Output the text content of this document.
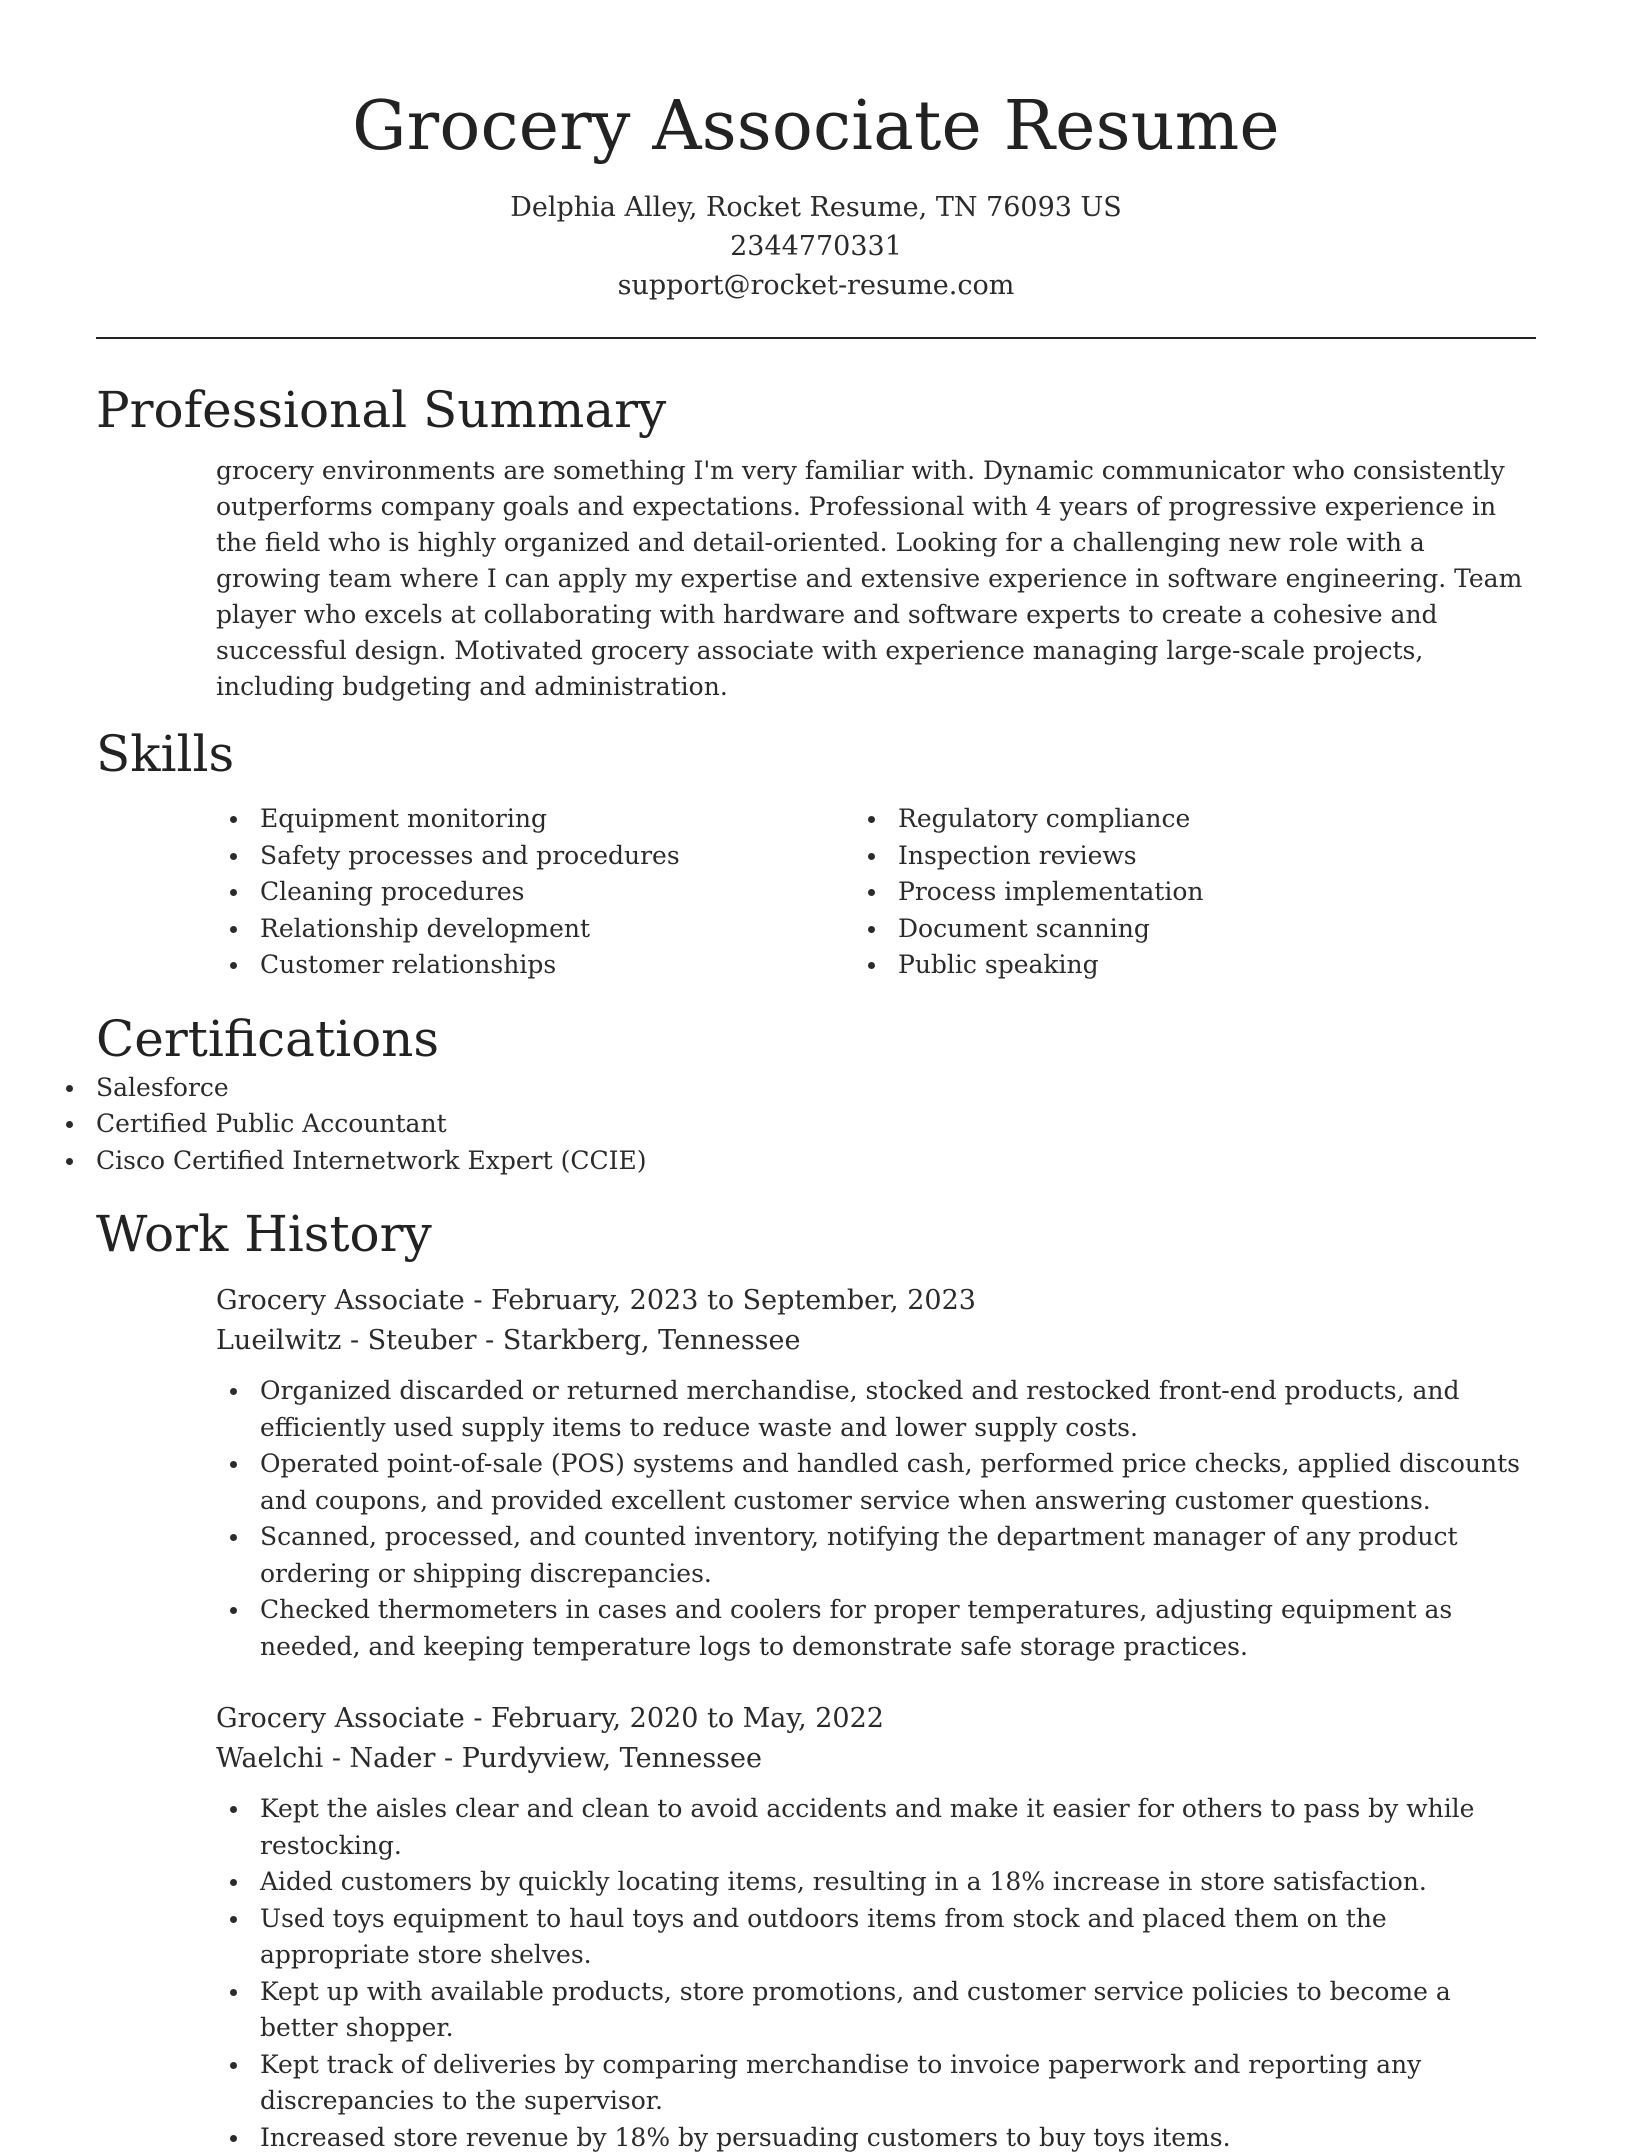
Grocery Associate Resume
Delphia Alley, Rocket Resume, TN 76093 US
2344770331
support@rocket-resume.com
Professional Summary

grocery environments are something I'm very familiar with. Dynamic communicator who consistently outperforms company goals and expectations. Professional with 4 years of progressive experience in the field who is highly organized and detail-oriented. Looking for a challenging new role with a growing team where I can apply my expertise and extensive experience in software engineering. Team player who excels at collaborating with hardware and software experts to create a cohesive and successful design. Motivated grocery associate with experience managing large-scale projects, including budgeting and administration.

Skills
Equipment monitoring
Safety processes and procedures
Cleaning procedures
Relationship development
Customer relationships
Regulatory compliance
Inspection reviews
Process implementation
Document scanning
Public speaking
Certifications
Salesforce
Certified Public Accountant
Cisco Certified Internetwork Expert (CCIE)
Work History
Grocery Associate - February, 2023 to September, 2023
Lueilwitz - Steuber - Starkberg, Tennessee
Organized discarded or returned merchandise, stocked and restocked front-end products, and efficiently used supply items to reduce waste and lower supply costs.
Operated point-of-sale (POS) systems and handled cash, performed price checks, applied discounts and coupons, and provided excellent customer service when answering customer questions.
Scanned, processed, and counted inventory, notifying the department manager of any product ordering or shipping discrepancies.
Checked thermometers in cases and coolers for proper temperatures, adjusting equipment as needed, and keeping temperature logs to demonstrate safe storage practices.
Grocery Associate - February, 2020 to May, 2022
Waelchi - Nader - Purdyview, Tennessee
Kept the aisles clear and clean to avoid accidents and make it easier for others to pass by while restocking.
Aided customers by quickly locating items, resulting in a 18% increase in store satisfaction.
Used toys equipment to haul toys and outdoors items from stock and placed them on the appropriate store shelves.
Kept up with available products, store promotions, and customer service policies to become a better shopper.
Kept track of deliveries by comparing merchandise to invoice paperwork and reporting any discrepancies to the supervisor.
Increased store revenue by 18% by persuading customers to buy toys items.
